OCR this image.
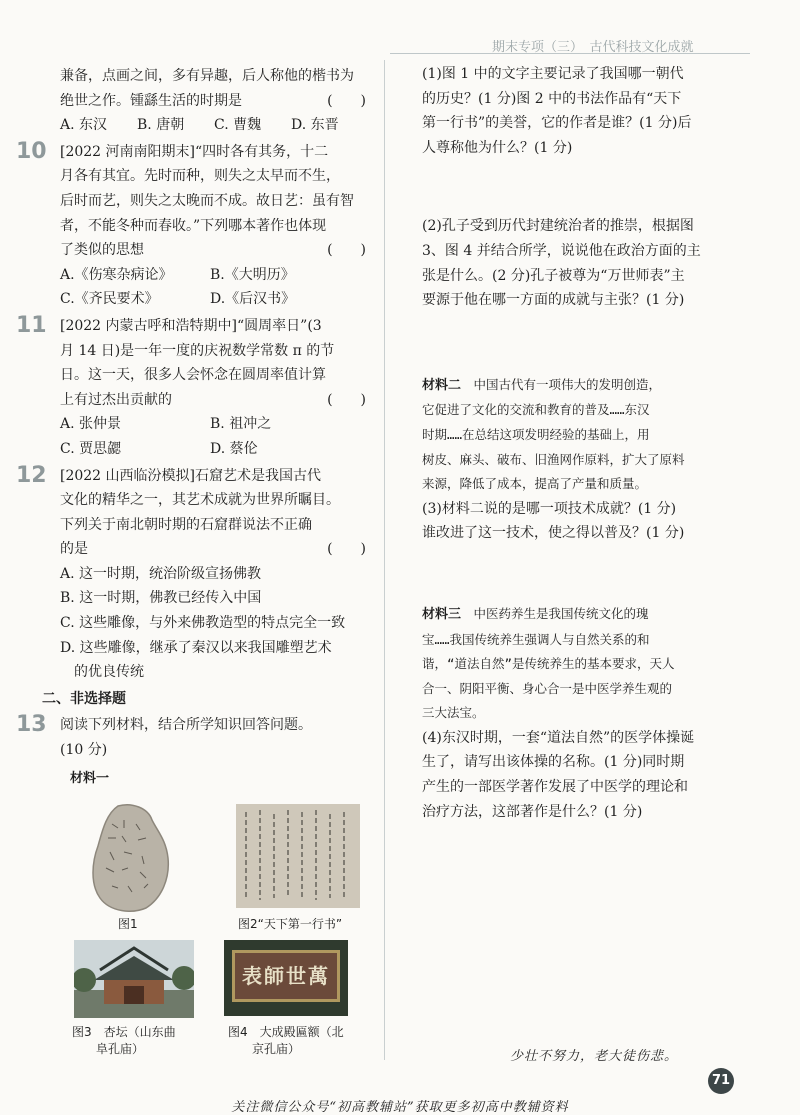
期末专项（三）　古代科技文化成就

兼备，点画之间，多有异趣，后人称他的楷书为

绝世之作。锺繇生活的时期是	(　　)

A. 东汉	B. 唐朝	C. 曹魏	D. 东晋
10 [2022 河南南阳期末]“四时各有其务，十二

月各有其宜。先时而种，则失之太早而不生，

后时而艺，则失之太晚而不成。故日艺：虽有智

者，不能冬种而春收。”下列哪本著作也体现

了类似的思想	(　　)

A.《伤寒杂病论》	B.《大明历》
C.《齐民要术》	D.《后汉书》
11 [2022 内蒙古呼和浩特期中]“圆周率日”(3

月 14 日)是一年一度的庆祝数学常数 π 的节

日。这一天，很多人会怀念在圆周率值计算

上有过杰出贡献的	(　　)

A. 张仲景	B. 祖冲之
C. 贾思勰	D. 蔡伦
12 [2022 山西临汾模拟]石窟艺术是我国古代

文化的精华之一，其艺术成就为世界所瞩目。

下列关于南北朝时期的石窟群说法不正确

的是	(　　)

A. 这一时期，统治阶级宣扬佛教

B. 这一时期，佛教已经传入中国

C. 这些雕像，与外来佛教造型的特点完全一致

D. 这些雕像，继承了秦汉以来我国雕塑艺术

　的优良传统

二、非选择题
13 阅读下列材料，结合所学知识回答问题。

(10 分)

材料一

图1	图2“天下第一行书”
图3　杏坛（山东曲
阜孔庙）
萬世師表
图4　大成殿匾额（北
京孔庙）

(1)图 1 中的文字主要记录了我国哪一朝代

的历史？(1 分)图 2 中的书法作品有“天下

第一行书”的美誉，它的作者是谁？(1 分)后

人尊称他为什么？(1 分)

(2)孔子受到历代封建统治者的推崇，根据图

3、图 4 并结合所学，说说他在政治方面的主

张是什么。(2 分)孔子被尊为“万世师表”主

要源于他在哪一方面的成就与主张？(1 分)

材料二　中国古代有一项伟大的发明创造，

它促进了文化的交流和教育的普及……东汉

时期……在总结这项发明经验的基础上，用

树皮、麻头、破布、旧渔网作原料，扩大了原料

来源，降低了成本，提高了产量和质量。

(3)材料二说的是哪一项技术成就？(1 分)

谁改进了这一技术，使之得以普及？(1 分)

材料三　中医药养生是我国传统文化的瑰

宝……我国传统养生强调人与自然关系的和

谐，“道法自然”是传统养生的基本要求，天人

合一、阴阳平衡、身心合一是中医学养生观的

三大法宝。

(4)东汉时期，一套“道法自然”的医学体操诞

生了，请写出该体操的名称。(1 分)同时期

产生的一部医学著作发展了中医学的理论和

治疗方法，这部著作是什么？(1 分)

少壮不努力，老大徒伤悲。
71
关注微信公众号“初高教辅站”获取更多初高中教辅资料
